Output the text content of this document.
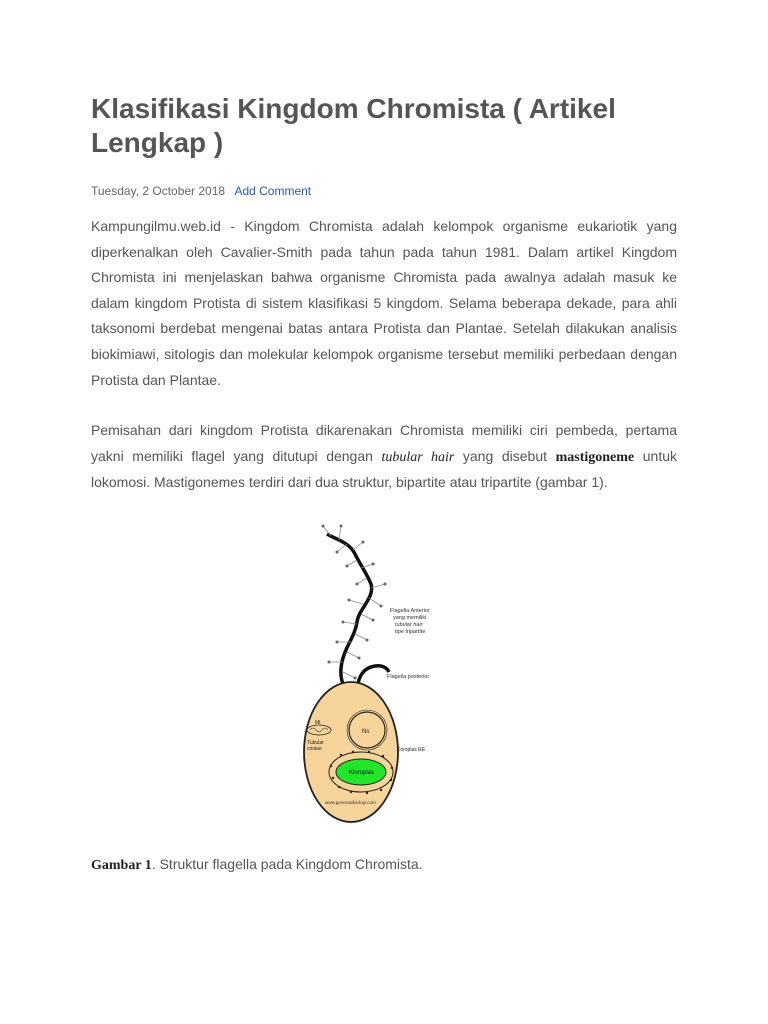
Klasifikasi Kingdom Chromista ( Artikel Lengkap )
Tuesday, 2 October 2018 Add Comment

Kampungilmu.web.id - Kingdom Chromista adalah kelompok organisme eukariotik yang diperkenalkan oleh Cavalier-Smith pada tahun pada tahun 1981. Dalam artikel Kingdom Chromista ini menjelaskan bahwa organisme Chromista pada awalnya adalah masuk ke dalam kingdom Protista di sistem klasifikasi 5 kingdom. Selama beberapa dekade, para ahli taksonomi berdebat mengenai batas antara Protista dan Plantae. Setelah dilakukan analisis biokimiawi, sitologis dan molekular kelompok organisme tersebut memiliki perbedaan dengan Protista dan Plantae.

Pemisahan dari kingdom Protista dikarenakan Chromista memiliki ciri pembeda, pertama yakni memiliki flagel yang ditutupi dengan tubular hair yang disebut mastigoneme untuk lokomosi. Mastigonemes terdiri dari dua struktur, bipartite atau tripartite (gambar 1).

Flagella Anterior
yang memiliki
tubular hair
tipe tripartite
Flagella posterior
Ns
Mt
Tubular
cristae	Koroplas RE
Kloroplas
www.generasibiologi.com
Gambar 1. Struktur flagella pada Kingdom Chromista.
